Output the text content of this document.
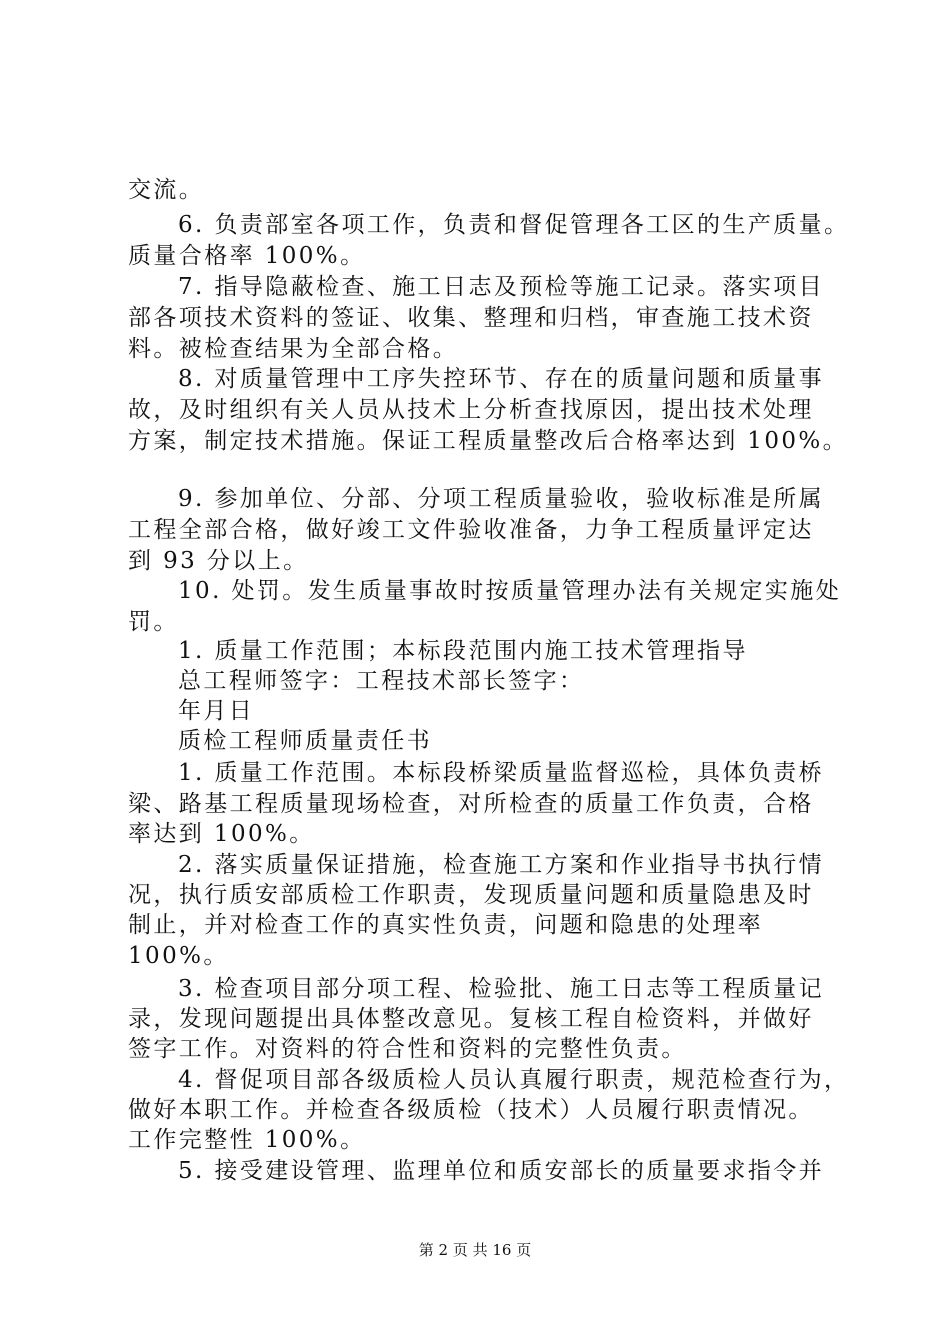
交流。
6. 负责部室各项工作，负责和督促管理各工区的生产质量。
质量合格率 100%。
7. 指导隐蔽检查、施工日志及预检等施工记录。落实项目
部各项技术资料的签证、收集、整理和归档，审查施工技术资
料。被检查结果为全部合格。
8. 对质量管理中工序失控环节、存在的质量问题和质量事
故，及时组织有关人员从技术上分析查找原因，提出技术处理
方案，制定技术措施。保证工程质量整改后合格率达到 100%。
9. 参加单位、分部、分项工程质量验收，验收标准是所属
工程全部合格，做好竣工文件验收准备，力争工程质量评定达
到 93 分以上。
10. 处罚。发生质量事故时按质量管理办法有关规定实施处
罚。
1. 质量工作范围；本标段范围内施工技术管理指导
总工程师签字：工程技术部长签字：
年月日
质检工程师质量责任书
1. 质量工作范围。本标段桥梁质量监督巡检，具体负责桥
梁、路基工程质量现场检查，对所检查的质量工作负责，合格
率达到 100%。
2. 落实质量保证措施，检查施工方案和作业指导书执行情
况，执行质安部质检工作职责，发现质量问题和质量隐患及时
制止，并对检查工作的真实性负责，问题和隐患的处理率
100%。
3. 检查项目部分项工程、检验批、施工日志等工程质量记
录，发现问题提出具体整改意见。复核工程自检资料，并做好
签字工作。对资料的符合性和资料的完整性负责。
4. 督促项目部各级质检人员认真履行职责，规范检查行为，
做好本职工作。并检查各级质检（技术）人员履行职责情况。
工作完整性 100%。
5. 接受建设管理、监理单位和质安部长的质量要求指令并
第 2 页 共 16 页
